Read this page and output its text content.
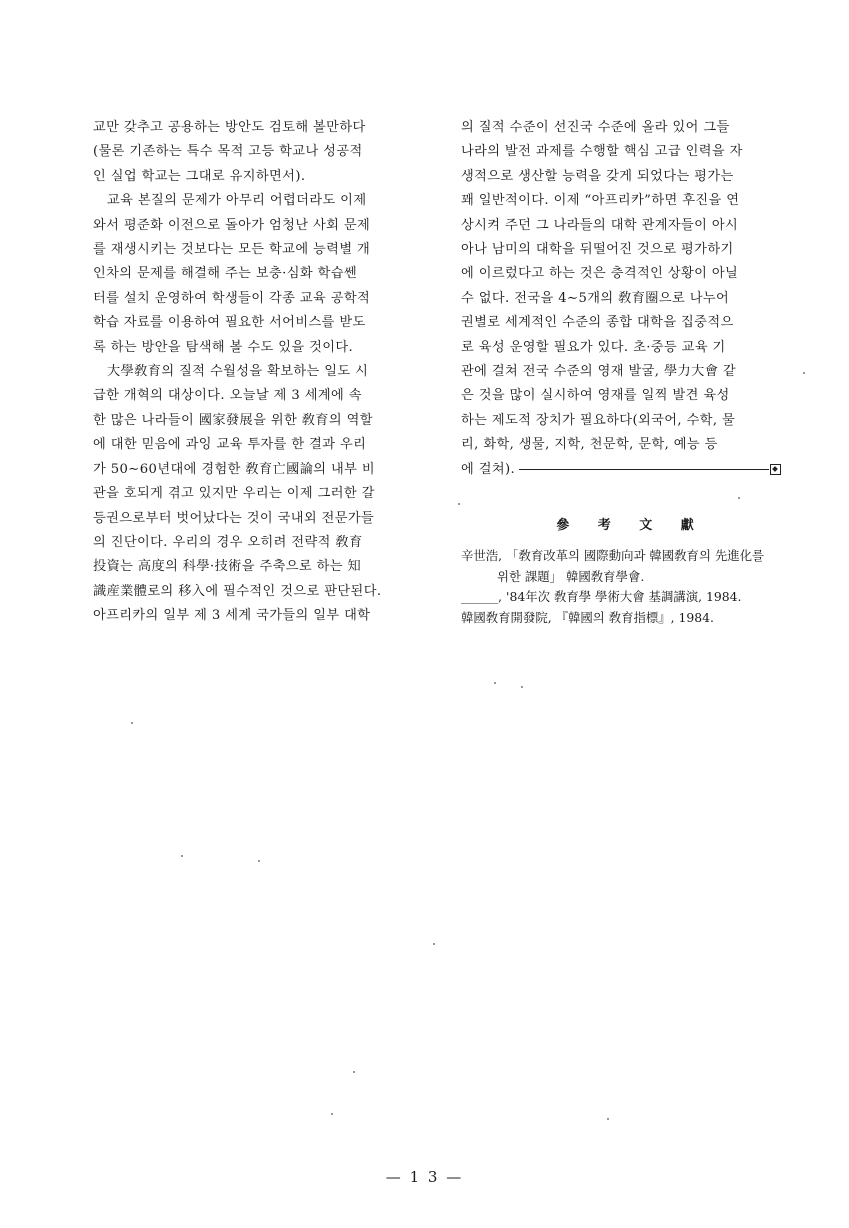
교만 갖추고 공용하는 방안도 검토해 볼만하다

(물론 기존하는 특수 목적 고등 학교나 성공적

인 실업 학교는 그대로 유지하면서).

교육 본질의 문제가 아무리 어렵더라도 이제

와서 평준화 이전으로 돌아가 엄청난 사회 문제

를 재생시키는 것보다는 모든 학교에 능력별 개

인차의 문제를 해결해 주는 보충·심화 학습쎈

터를 설치 운영하여 학생들이 각종 교육 공학적

학습 자료를 이용하여 필요한 서어비스를 받도

록 하는 방안을 탐색해 볼 수도 있을 것이다.

大學敎育의 질적 수월성을 확보하는 일도 시

급한 개혁의 대상이다. 오늘날 제 3 세계에 속

한 많은 나라들이 國家發展을 위한 敎育의 역할

에 대한 믿음에 과잉 교육 투자를 한 결과 우리

가 50∼60년대에 경험한 敎育亡國論의 내부 비

관을 호되게 겪고 있지만 우리는 이제 그러한 갈

등권으로부터 벗어났다는 것이 국내외 전문가들

의 진단이다. 우리의 경우 오히려 전략적 敎育

投資는 高度의 科學·技術을 주축으로 하는 知

識産業體로의 移入에 필수적인 것으로 판단된다.

아프리카의 일부 제 3 세계 국가들의 일부 대학

의 질적 수준이 선진국 수준에 올라 있어 그들

나라의 발전 과제를 수행할 핵심 고급 인력을 자

생적으로 생산할 능력을 갖게 되었다는 평가는

꽤 일반적이다. 이제 “아프리카”하면 후진을 연

상시켜 주던 그 나라들의 대학 관계자들이 아시

아나 남미의 대학을 뒤떨어진 것으로 평가하기

에 이르렀다고 하는 것은 충격적인 상황이 아닐

수 없다. 전국을 4∼5개의 敎育圈으로 나누어

권별로 세계적인 수준의 종합 대학을 집중적으

로 육성 운영할 필요가 있다. 초·중등 교육 기

관에 걸쳐 전국 수준의 영재 발굴, 學力大會 같

은 것을 많이 실시하여 영재를 일찍 발견 육성

하는 제도적 장치가 필요하다(외국어, 수학, 물

리, 화학, 생물, 지학, 천문학, 문학, 예능 등

에 걸쳐).

參 考 文 獻

辛世浩, 「敎育改革의 國際動向과 韓國敎育의 先進化를

위한 課題」 韓國敎育學會.

______, '84年次 敎育學 學術大會 基調講演, 1984.

韓國敎育開發院, 『韓國의 敎育指標』, 1984.

— 1 3 —
